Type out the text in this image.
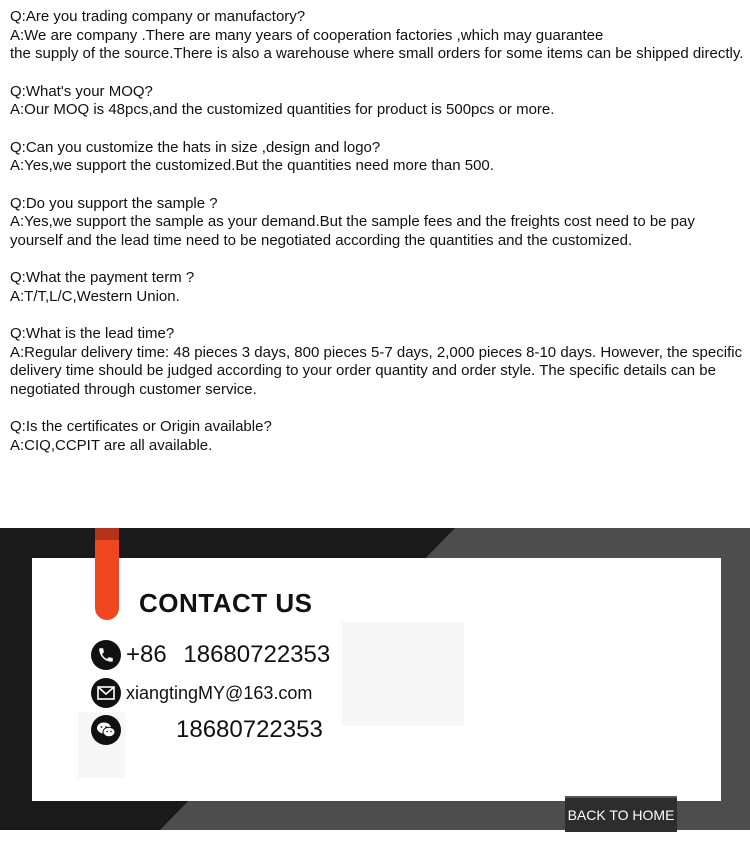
Q:Are you trading company or manufactory?

A:We are company .There are many years of cooperation factories ,which may guarantee
the supply of the source.There is also a warehouse where small orders for some items can be shipped directly.

Q:What's your MOQ?

A:Our MOQ is 48pcs,and the customized quantities for product is 500pcs or more.

Q:Can you customize the hats in size ,design and logo?

A:Yes,we support the customized.But the quantities need more than 500.

Q:Do you support the sample ?

A:Yes,we support the sample as your demand.But the sample fees and the freights cost need to be pay yourself and the lead time need to be negotiated according the quantities and the customized.

Q:What the payment term ?

A:T/T,L/C,Western Union.

Q:What is the lead time?

A:Regular delivery time: 48 pieces 3 days, 800 pieces 5-7 days, 2,000 pieces 8-10 days. However, the specific delivery time should be judged according to your order quantity and order style. The specific details can be negotiated through customer service.

Q:Is the certificates or Origin available?

A:CIQ,CCPIT are all available.

CONTACT US
+86 18680722353
xiangtingMY@163.com
18680722353
BACK TO HOME
